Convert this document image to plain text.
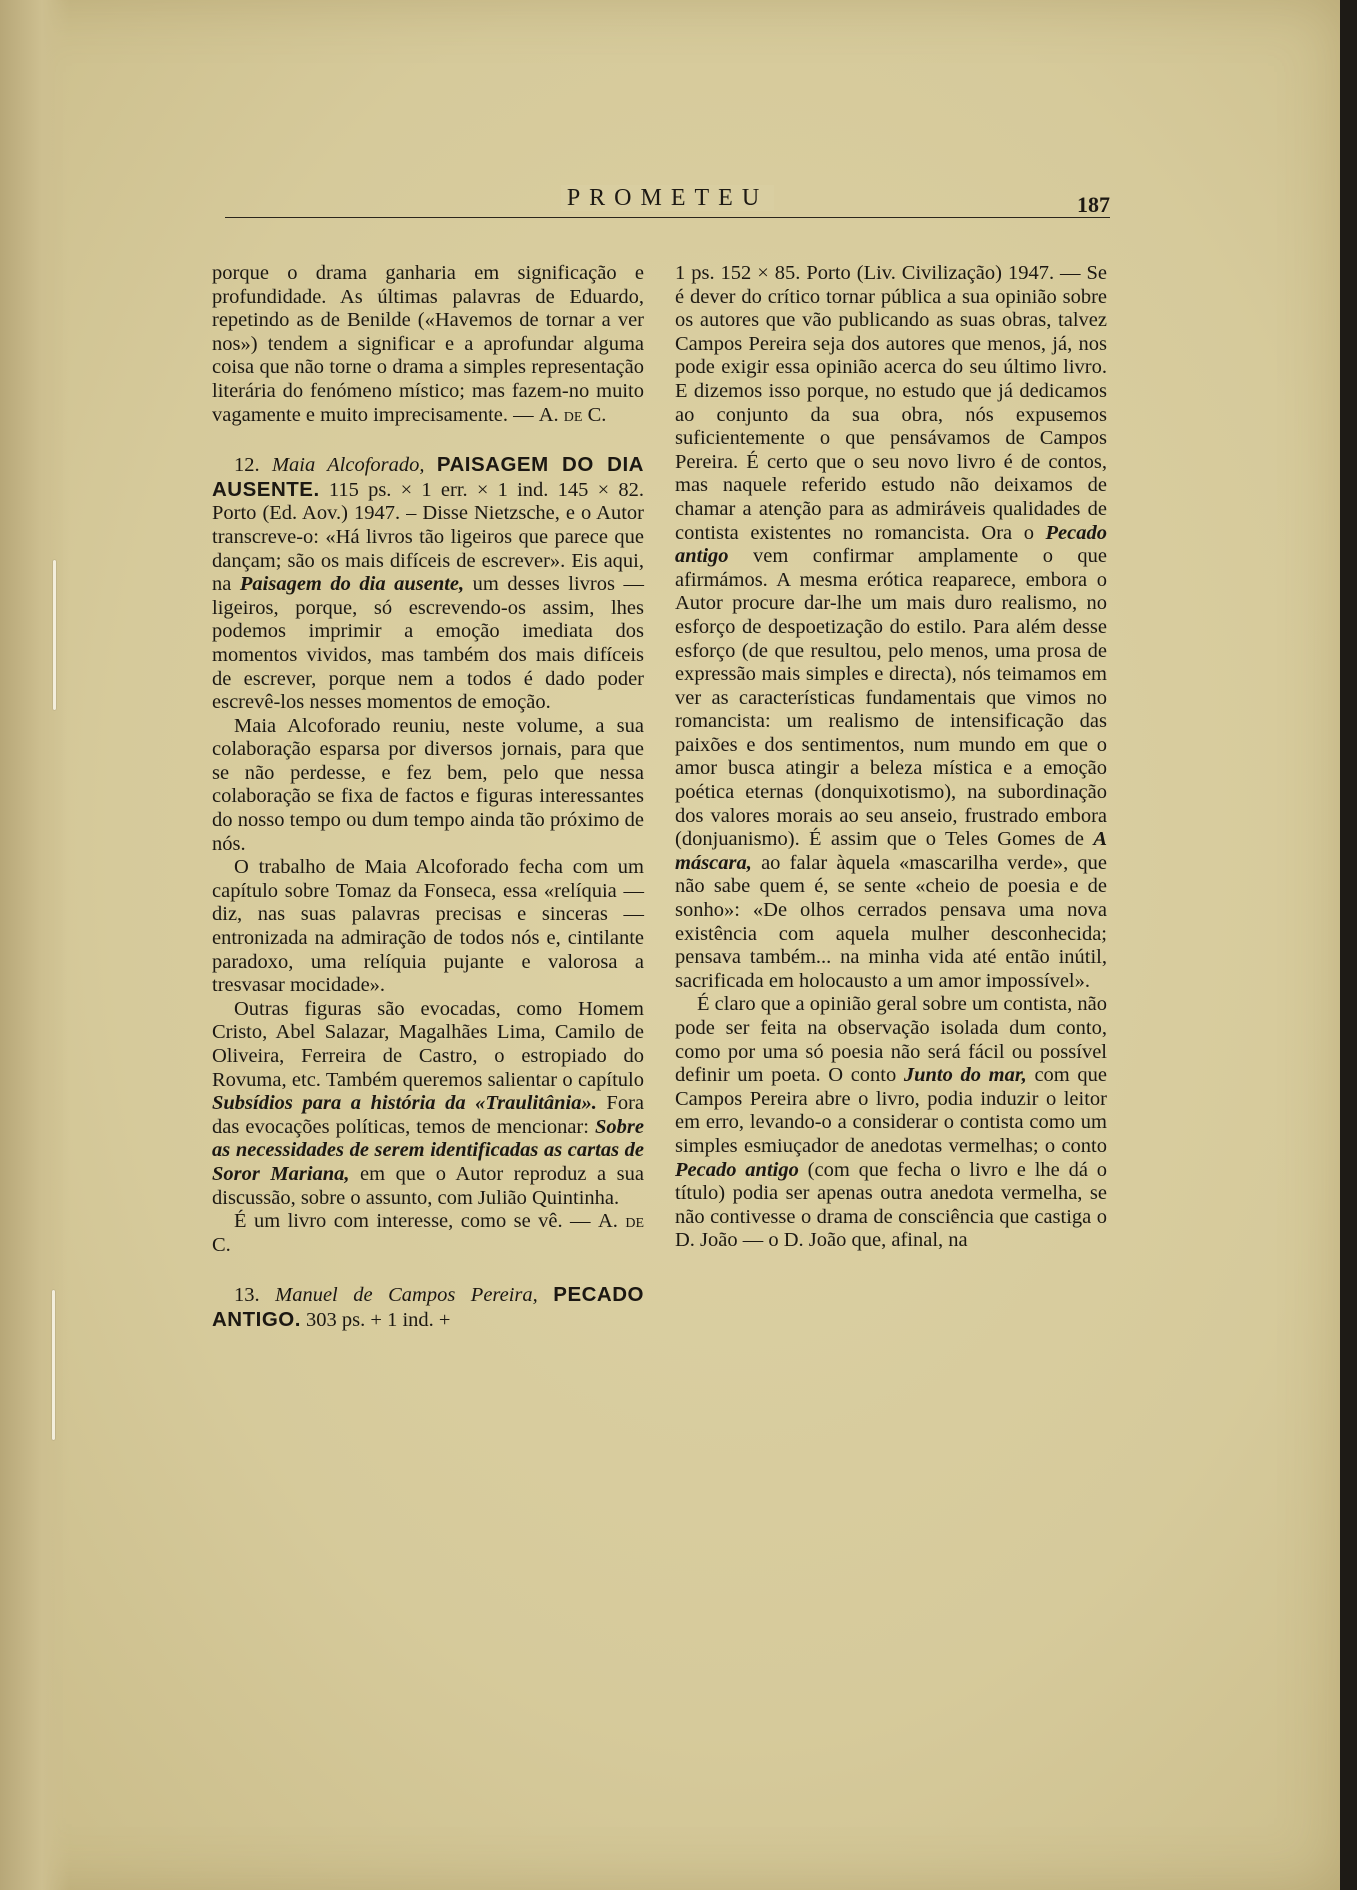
PROMETEU	187

porque o drama ganharia em significação e profundidade. As últimas palavras de Eduardo, repetindo as de Benilde («Havemos de tornar a ver nos») tendem a significar e a aprofundar alguma coisa que não torne o drama a simples representação literária do fenómeno místico; mas fazem-no muito vagamente e muito imprecisamente. — A. de C.

12. Maia Alcoforado, PAISAGEM DO DIA AUSENTE. 115 ps. × 1 err. × 1 ind. 145 × 82. Porto (Ed. Aov.) 1947. – Disse Nietzsche, e o Autor transcreve-o: «Há livros tão ligeiros que parece que dançam; são os mais difíceis de escrever». Eis aqui, na Paisagem do dia ausente, um desses livros — ligeiros, porque, só escrevendo-os assim, lhes podemos imprimir a emoção imediata dos momentos vividos, mas também dos mais difíceis de escrever, porque nem a todos é dado poder escrevê-los nesses momentos de emoção.

Maia Alcoforado reuniu, neste volume, a sua colaboração esparsa por diversos jornais, para que se não perdesse, e fez bem, pelo que nessa colaboração se fixa de factos e figuras interessantes do nosso tempo ou dum tempo ainda tão próximo de nós.

O trabalho de Maia Alcoforado fecha com um capítulo sobre Tomaz da Fonseca, essa «relíquia — diz, nas suas palavras precisas e sinceras — entronizada na admiração de todos nós e, cintilante paradoxo, uma relíquia pujante e valorosa a tresvasar mocidade».

Outras figuras são evocadas, como Homem Cristo, Abel Salazar, Magalhães Lima, Camilo de Oliveira, Ferreira de Castro, o estropiado do Rovuma, etc. Também queremos salientar o capítulo Subsídios para a história da «Traulitânia». Fora das evocações políticas, temos de mencionar: Sobre as necessidades de serem identificadas as cartas de Soror Mariana, em que o Autor reproduz a sua discussão, sobre o assunto, com Julião Quintinha.

É um livro com interesse, como se vê. — A. de C.

13. Manuel de Campos Pereira, PECADO ANTIGO. 303 ps. + 1 ind. +

1 ps. 152 × 85. Porto (Liv. Civilização) 1947. — Se é dever do crítico tornar pública a sua opinião sobre os autores que vão publicando as suas obras, talvez Campos Pereira seja dos autores que menos, já, nos pode exigir essa opinião acerca do seu último livro. E dizemos isso porque, no estudo que já dedicamos ao conjunto da sua obra, nós expusemos suficientemente o que pensávamos de Campos Pereira. É certo que o seu novo livro é de contos, mas naquele referido estudo não deixamos de chamar a atenção para as admiráveis qualidades de contista existentes no romancista. Ora o Pecado antigo vem confirmar amplamente o que afirmámos. A mesma erótica reaparece, embora o Autor procure dar-lhe um mais duro realismo, no esforço de despoetização do estilo. Para além desse esforço (de que resultou, pelo menos, uma prosa de expressão mais simples e directa), nós teimamos em ver as características fundamentais que vimos no romancista: um realismo de intensificação das paixões e dos sentimentos, num mundo em que o amor busca atingir a beleza mística e a emoção poética eternas (donquixotismo), na subordinação dos valores morais ao seu anseio, frustrado embora (donjuanismo). É assim que o Teles Gomes de A máscara, ao falar àquela «mascarilha verde», que não sabe quem é, se sente «cheio de poesia e de sonho»: «De olhos cerrados pensava uma nova existência com aquela mulher desconhecida; pensava também... na minha vida até então inútil, sacrificada em holocausto a um amor impossível».

É claro que a opinião geral sobre um contista, não pode ser feita na observação isolada dum conto, como por uma só poesia não será fácil ou possível definir um poeta. O conto Junto do mar, com que Campos Pereira abre o livro, podia induzir o leitor em erro, levando-o a considerar o contista como um simples esmiuçador de anedotas vermelhas; o conto Pecado antigo (com que fecha o livro e lhe dá o título) podia ser apenas outra anedota vermelha, se não contivesse o drama de consciência que castiga o D. João — o D. João que, afinal, na
